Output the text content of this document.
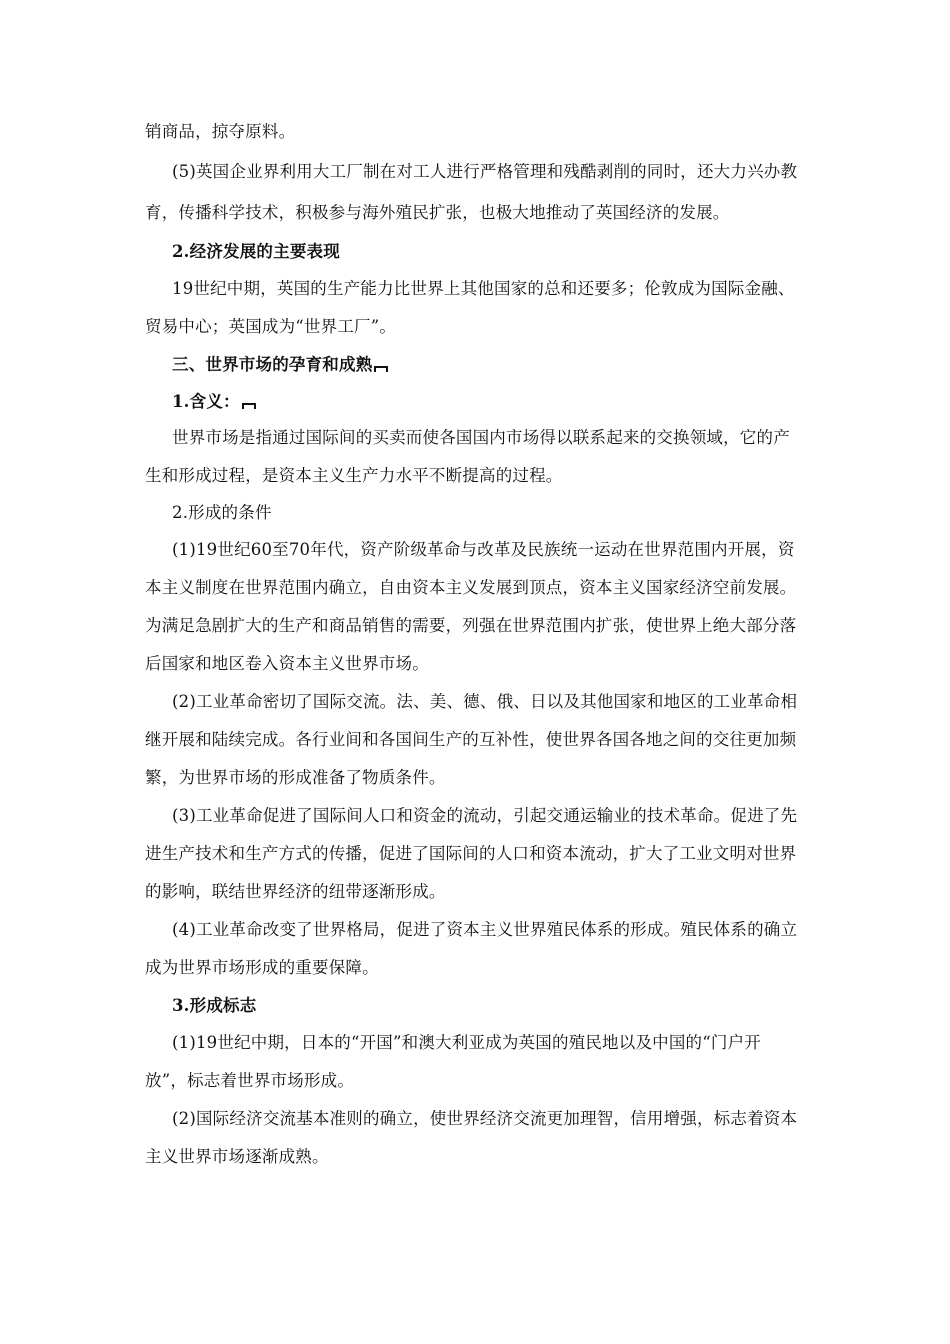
销商品，掠夺原料。
(5)英国企业界利用大工厂制在对工人进行严格管理和残酷剥削的同时，还大力兴办教
育，传播科学技术，积极参与海外殖民扩张，也极大地推动了英国经济的发展。
2.经济发展的主要表现
19世纪中期，英国的生产能力比世界上其他国家的总和还要多；伦敦成为国际金融、
贸易中心；英国成为“世界工厂”。
三、世界市场的孕育和成熟
1.含义：
世界市场是指通过国际间的买卖而使各国国内市场得以联系起来的交换领域，它的产
生和形成过程，是资本主义生产力水平不断提高的过程。
2.形成的条件
(1)19世纪60至70年代，资产阶级革命与改革及民族统一运动在世界范围内开展，资
本主义制度在世界范围内确立，自由资本主义发展到顶点，资本主义国家经济空前发展。
为满足急剧扩大的生产和商品销售的需要，列强在世界范围内扩张，使世界上绝大部分落
后国家和地区卷入资本主义世界市场。
(2)工业革命密切了国际交流。法、美、德、俄、日以及其他国家和地区的工业革命相
继开展和陆续完成。各行业间和各国间生产的互补性，使世界各国各地之间的交往更加频
繁，为世界市场的形成准备了物质条件。
(3)工业革命促进了国际间人口和资金的流动，引起交通运输业的技术革命。促进了先
进生产技术和生产方式的传播，促进了国际间的人口和资本流动，扩大了工业文明对世界
的影响，联结世界经济的纽带逐渐形成。
(4)工业革命改变了世界格局，促进了资本主义世界殖民体系的形成。殖民体系的确立
成为世界市场形成的重要保障。
3.形成标志
(1)19世纪中期，日本的“开国”和澳大利亚成为英国的殖民地以及中国的“门户开
放”，标志着世界市场形成。
(2)国际经济交流基本准则的确立，使世界经济交流更加理智，信用增强，标志着资本
主义世界市场逐渐成熟。
